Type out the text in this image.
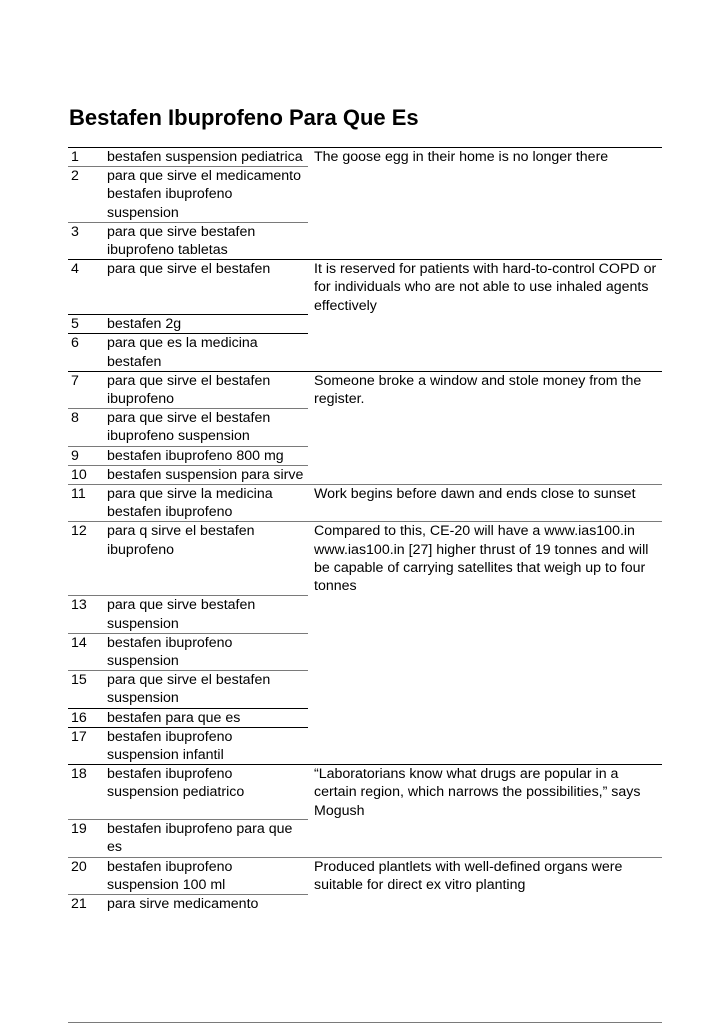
Bestafen Ibuprofeno Para Que Es
1	bestafen suspension pediatrica	The goose egg in their home is no longer there
2	para que sirve el medicamento bestafen ibuprofeno suspension	
3	para que sirve bestafen ibuprofeno tabletas	
4	para que sirve el bestafen	It is reserved for patients with hard-to-control COPD or for individuals who are not able to use inhaled agents effectively
5	bestafen 2g	
6	para que es la medicina bestafen	
7	para que sirve el bestafen ibuprofeno	Someone broke a window and stole money from the register.
8	para que sirve el bestafen ibuprofeno suspension	
9	bestafen ibuprofeno 800 mg	
10	bestafen suspension para sirve	
11	para que sirve la medicina bestafen ibuprofeno	Work begins before dawn and ends close to sunset
12	para q sirve el bestafen ibuprofeno	Compared to this, CE-20 will have a www.ias100.in www.ias100.in [27] higher thrust of 19 tonnes and will be capable of carrying satellites that weigh up to four tonnes
13	para que sirve bestafen suspension	
14	bestafen ibuprofeno suspension	
15	para que sirve el bestafen suspension	
16	bestafen para que es	
17	bestafen ibuprofeno suspension infantil	
18	bestafen ibuprofeno suspension pediatrico	“Laboratorians know what drugs are popular in a certain region, which narrows the possibilities,” says Mogush
19	bestafen ibuprofeno para que es	
20	bestafen ibuprofeno suspension 100 ml	Produced plantlets with well-defined organs were suitable for direct ex vitro planting
21	para sirve medicamento	
